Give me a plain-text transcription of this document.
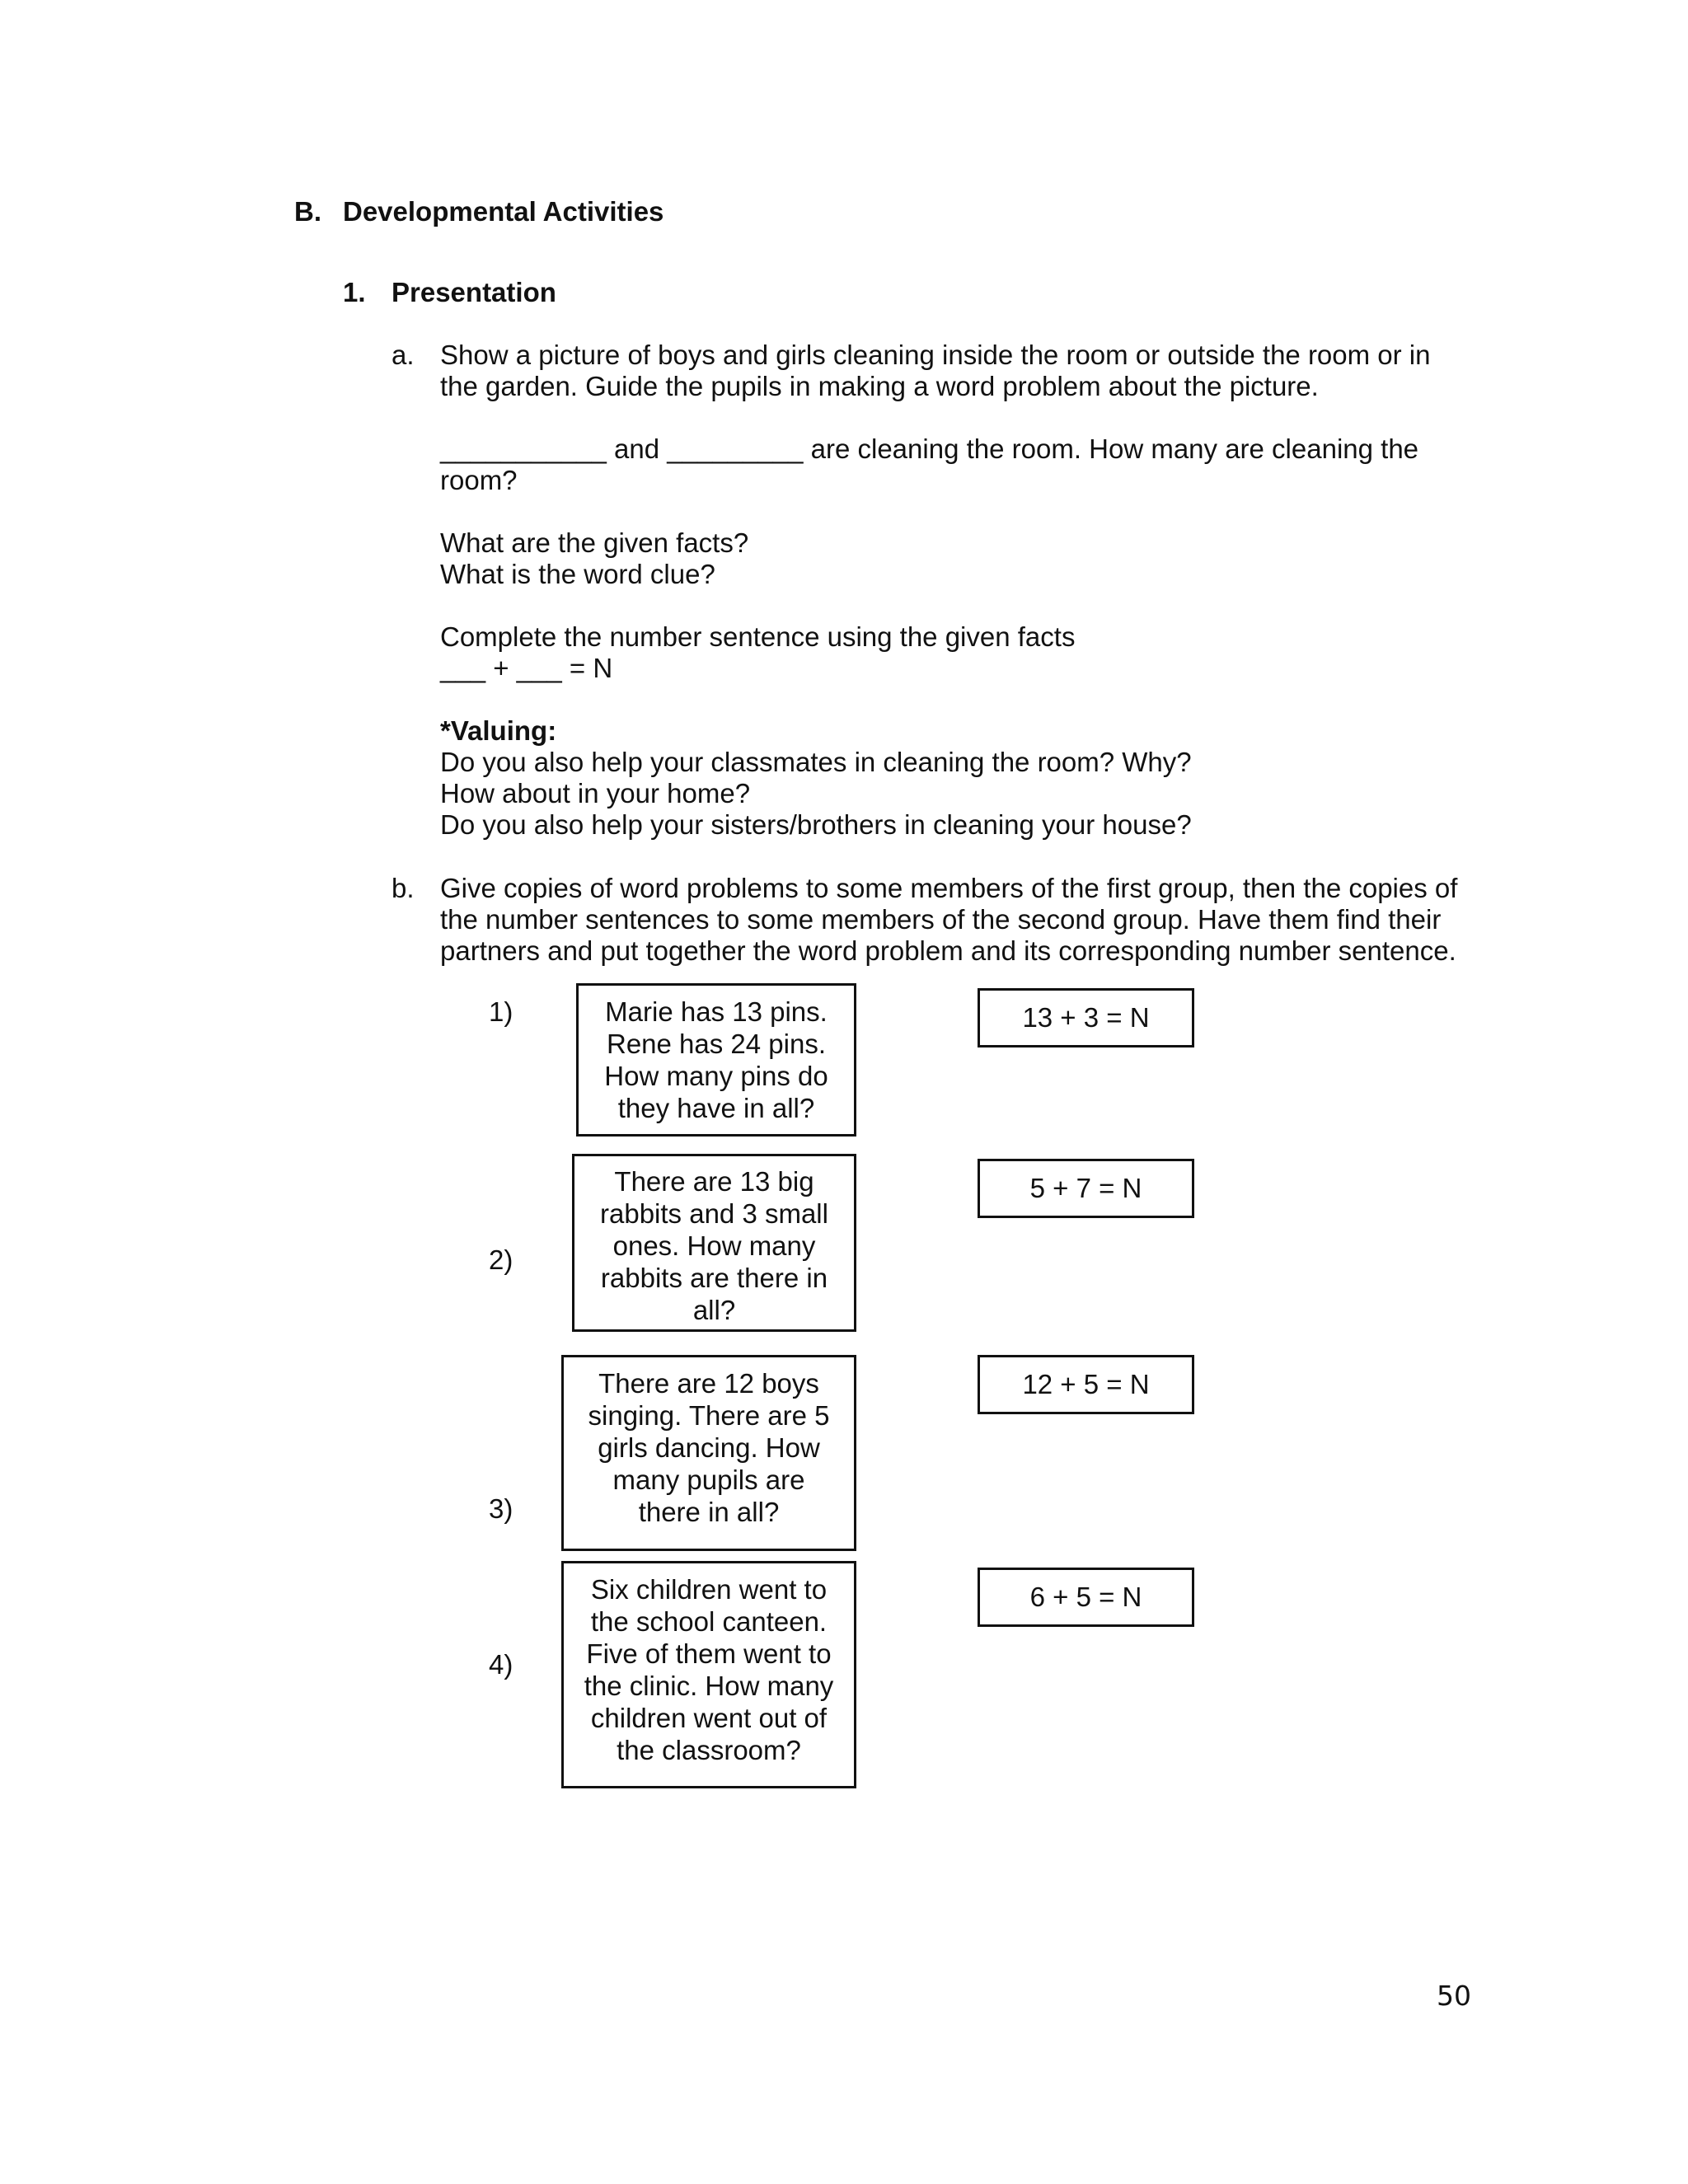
B. Developmental Activities

1. Presentation

a. Show a picture of boys and girls cleaning inside the room or outside the room or in

the garden. Guide the pupils in making a word problem about the picture.

___________ and _________ are cleaning the room. How many are cleaning the

room?

What are the given facts?

What is the word clue?

Complete the number sentence using the given facts

___ + ___ = N

*Valuing:

Do you also help your classmates in cleaning the room? Why?

How about in your home?

Do you also help your sisters/brothers in cleaning your house?

b. Give copies of word problems to some members of the first group, then the copies of

the number sentences to some members of the second group. Have them find their

partners and put together the word problem and its corresponding number sentence.

1)	Marie has 13 pins.
Rene has 24 pins.
How many pins do
they have in all?

13 + 3 = N

2)

There are 13 big
rabbits and 3 small
ones. How many
rabbits are there in
all?

5 + 7 = N

3)

There are 12 boys
singing. There are 5
girls dancing. How
many pupils are
there in all?

12 + 5 = N

4)

Six children went to
the school canteen.
Five of them went to
the clinic. How many
children went out of
the classroom?

6 + 5 = N

50
